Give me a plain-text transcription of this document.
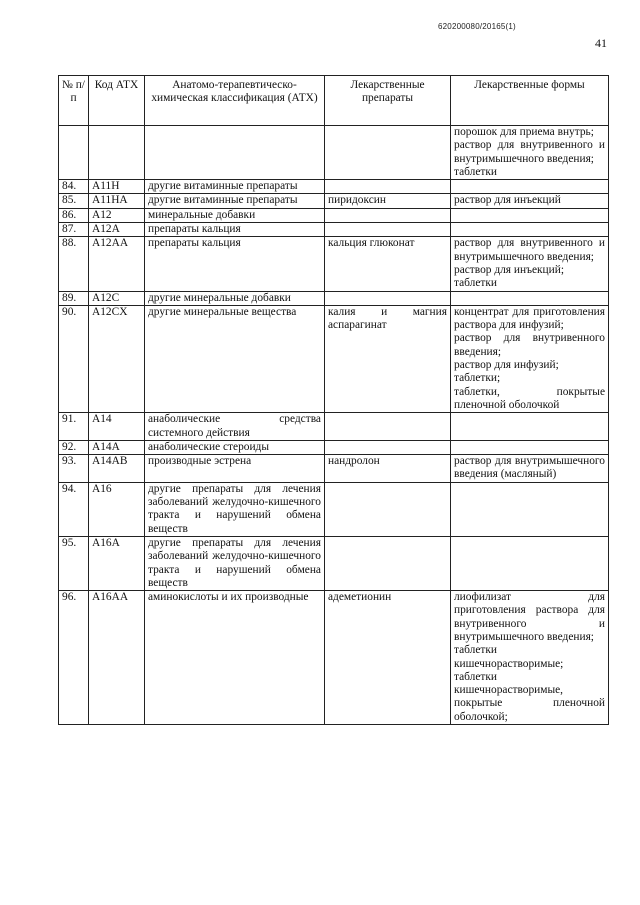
620200080/20165(1)
41
№ п/п	Код АТХ	Анатомо-терапевтическо-химическая классификация (АТХ)	Лекарственные препараты	Лекарственные формы
				порошок для приема внутрь;
раствор для внутривенного и внутримышечного введения;
таблетки
84.	A11H	другие витаминные препараты		
85.	A11HA	другие витаминные препараты	пиридоксин	раствор для инъекций
86.	A12	минеральные добавки		
87.	A12A	препараты кальция		
88.	A12AA	препараты кальция	кальция глюконат	раствор для внутривенного и внутримышечного введения;
раствор для инъекций;
таблетки
89.	A12C	другие минеральные добавки		
90.	A12CX	другие минеральные вещества	калия и магния аспарагинат	концентрат для приготовления раствора для инфузий;
раствор для внутривенного введения;
раствор для инфузий;
таблетки;
таблетки, покрытые пленочной оболочкой
91.	A14	анаболические средства системного действия		
92.	A14A	анаболические стероиды		
93.	A14AB	производные эстрена	нандролон	раствор для внутримышечного введения (масляный)
94.	A16	другие препараты для лечения заболеваний желудочно-кишечного тракта и нарушений обмена веществ		
95.	A16A	другие препараты для лечения заболеваний желудочно-кишечного тракта и нарушений обмена веществ		
96.	A16AA	аминокислоты и их производные	адеметионин	лиофилизат для приготовления раствора для внутривенного и внутримышечного введения;
таблетки кишечнорастворимые;
таблетки кишечнорастворимые, покрытые пленочной оболочкой;
